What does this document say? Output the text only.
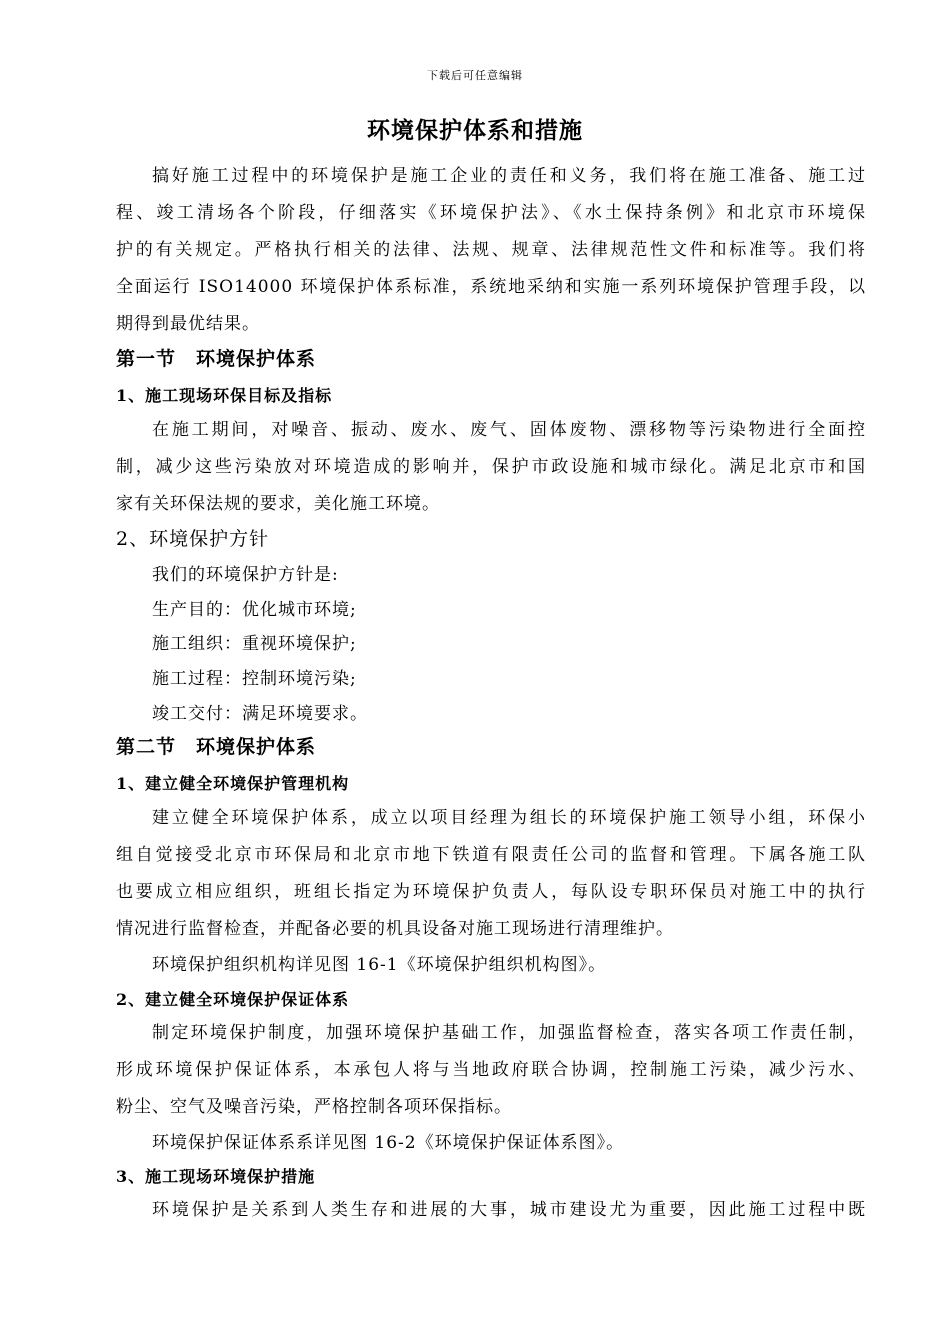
下载后可任意编辑
环境保护体系和措施
搞好施工过程中的环境保护是施工企业的责任和义务，我们将在施工准备、施工过
程、竣工清场各个阶段，仔细落实《环境保护法》、《水土保持条例》和北京市环境保
护的有关规定。严格执行相关的法律、法规、规章、法律规范性文件和标准等。我们将
全面运行 ISO14000 环境保护体系标准，系统地采纳和实施一系列环境保护管理手段，以
期得到最优结果。
第一节　环境保护体系
1、施工现场环保目标及指标
在施工期间，对噪音、振动、废水、废气、固体废物、漂移物等污染物进行全面控
制，减少这些污染放对环境造成的影响并，保护市政设施和城市绿化。满足北京市和国
家有关环保法规的要求，美化施工环境。
2、环境保护方针
我们的环境保护方针是:
生产目的：优化城市环境;
施工组织：重视环境保护;
施工过程：控制环境污染;
竣工交付：满足环境要求。
第二节　环境保护体系
1、建立健全环境保护管理机构
建立健全环境保护体系，成立以项目经理为组长的环境保护施工领导小组，环保小
组自觉接受北京市环保局和北京市地下铁道有限责任公司的监督和管理。下属各施工队
也要成立相应组织，班组长指定为环境保护负责人，每队设专职环保员对施工中的执行
情况进行监督检查，并配备必要的机具设备对施工现场进行清理维护。
环境保护组织机构详见图 16-1《环境保护组织机构图》。
2、建立健全环境保护保证体系
制定环境保护制度，加强环境保护基础工作，加强监督检查，落实各项工作责任制，
形成环境保护保证体系，本承包人将与当地政府联合协调，控制施工污染，减少污水、
粉尘、空气及噪音污染，严格控制各项环保指标。
环境保护保证体系系详见图 16-2《环境保护保证体系图》。
3、施工现场环境保护措施
环境保护是关系到人类生存和进展的大事，城市建设尤为重要，因此施工过程中既
